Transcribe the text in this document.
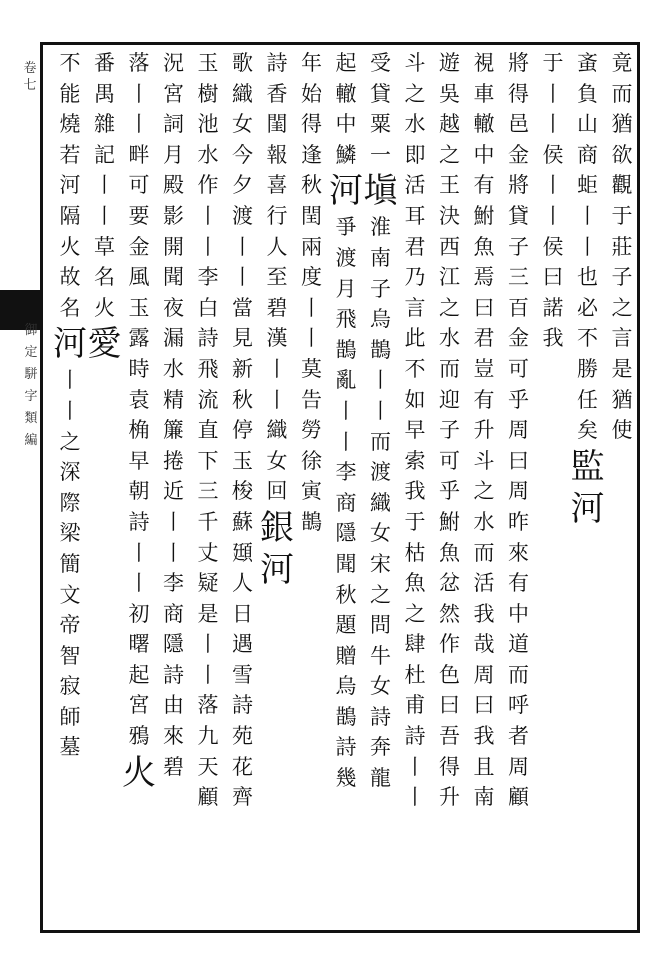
卷
七
御
定
駢
字
類
編
竟
而
猶
欲
觀
于
莊
子
之
言
是
猶
使
蚉
負
山
商
蚷
丨
丨
也
必
不
勝
任
矣
監
河
于
丨
丨
侯
丨
丨
侯
曰
諾
我
將
得
邑
金
將
貸
子
三
百
金
可
乎
周
曰
周
昨
來
有
中
道
而
呼
者
周
顧
視
車
轍
中
有
鮒
魚
焉
曰
君
豈
有
升
斗
之
水
而
活
我
哉
周
曰
我
且
南
遊
吳
越
之
王
決
西
江
之
水
而
迎
子
可
乎
鮒
魚
忿
然
作
色
曰
吾
得
升
斗
之
水
即
活
耳
君
乃
言
此
不
如
早
索
我
于
枯
魚
之
肆
杜
甫
詩
丨
丨
受
貸
粟
一
塡
淮
南
子
烏
鵲
丨
丨
而
渡
織
女
宋
之
問
牛
女
詩
奔
龍
起
轍
中
鱗
河
爭
渡
月
飛
鵲
亂
丨
丨
李
商
隱
聞
秋
題
贈
烏
鵲
詩
幾
年
始
得
逢
秋
閏
兩
度
丨
丨
莫
告
勞
徐
寅
鵲
詩
香
閨
報
喜
行
人
至
碧
漢
丨
丨
織
女
回
銀
河
歌
織
女
今
夕
渡
丨
丨
當
見
新
秋
停
玉
梭
蘇
頲
人
日
遇
雪
詩
苑
花
齊
玉
樹
池
水
作
丨
丨
李
白
詩
飛
流
直
下
三
千
丈
疑
是
丨
丨
落
九
天
顧
況
宮
詞
月
殿
影
開
聞
夜
漏
水
精
簾
捲
近
丨
丨
李
商
隱
詩
由
來
碧
落
丨
丨
畔
可
要
金
風
玉
露
時
袁
桷
早
朝
詩
丨
丨
初
曙
起
宮
鴉
火
番
禺
雜
記
丨
丨
草
名
火
愛
不
能
燒
若
河
隔
火
故
名
河
丨
丨
之
深
際
梁
簡
文
帝
智
寂
師
墓
